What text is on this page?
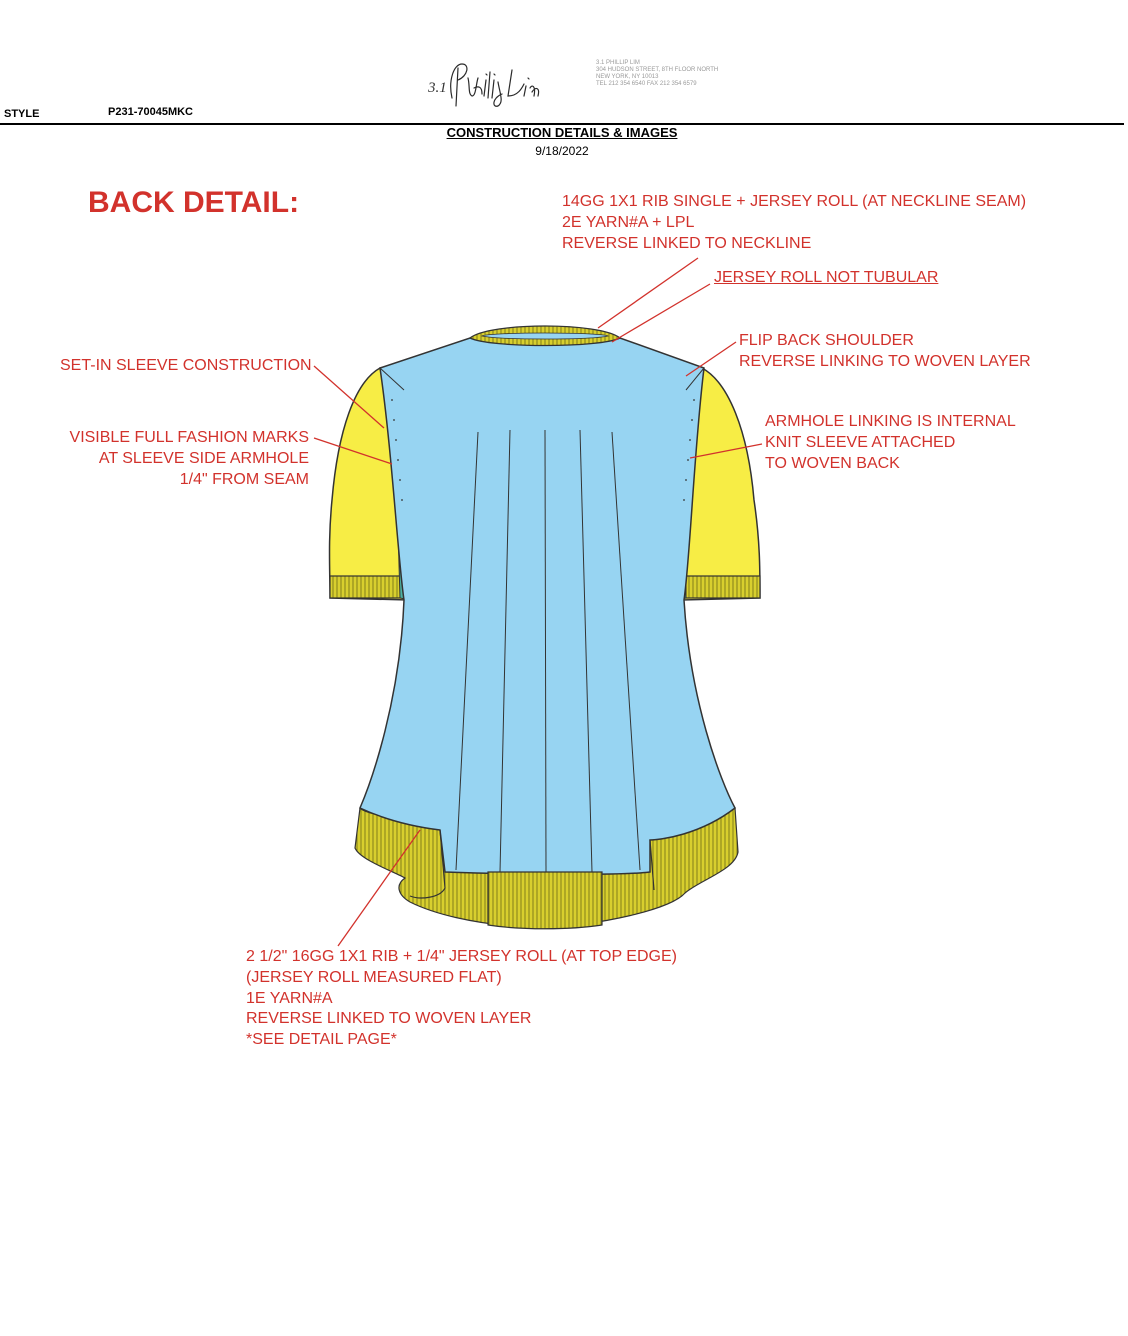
STYLE	P231-70045MKC
3.1
3.1 PHILLIP LIM
304 HUDSON STREET, 8TH FLOOR NORTH
NEW YORK, NY 10013
TEL 212 354 6540 FAX 212 354 6579
CONSTRUCTION DETAILS & IMAGES
9/18/2022
BACK DETAIL:	14GG 1X1 RIB SINGLE + JERSEY ROLL (AT NECKLINE SEAM)
2E YARN#A + LPL
REVERSE LINKED TO NECKLINE
JERSEY ROLL NOT TUBULAR
FLIP BACK SHOULDER
REVERSE LINKING TO WOVEN LAYER
SET-IN SLEEVE CONSTRUCTION
ARMHOLE LINKING IS INTERNAL
KNIT SLEEVE ATTACHED
TO WOVEN BACK
VISIBLE FULL FASHION MARKS
AT SLEEVE SIDE ARMHOLE
1/4" FROM SEAM
2 1/2" 16GG 1X1 RIB + 1/4" JERSEY ROLL (AT TOP EDGE)
(JERSEY ROLL MEASURED FLAT)
1E YARN#A
REVERSE LINKED TO WOVEN LAYER
*SEE DETAIL PAGE*
